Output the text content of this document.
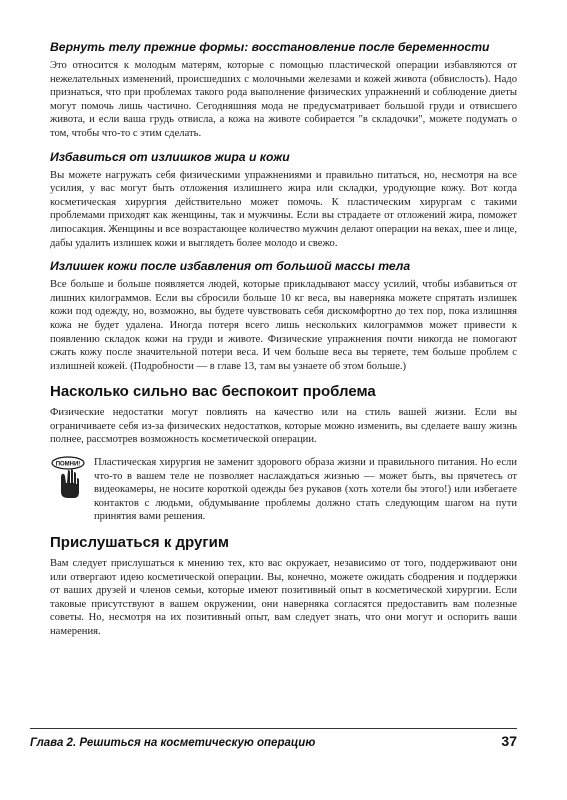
Вернуть телу прежние формы: восстановление после беременности

Это относится к молодым матерям, которые с помощью пластической операции избавляются от нежелательных изменений, происшедших с молочными железами и кожей живота (обвислость). Надо признаться, что при проблемах такого рода выполнение физических упражнений и соблюдение диеты могут помочь лишь частично. Сегодняшняя мода не предусматривает большой груди и отвисшего живота, и если ваша грудь отвисла, а кожа на животе собирается "в складочки", можете подумать о том, чтобы что-то с этим сделать.

Избавиться от излишков жира и кожи

Вы можете нагружать себя физическими упражнениями и правильно питаться, но, несмотря на все усилия, у вас могут быть отложения излишнего жира или складки, уродующие кожу. Вот когда косметическая хирургия действительно может помочь. К пластическим хирургам с такими проблемами приходят как женщины, так и мужчины. Если вы страдаете от отложений жира, поможет липосакция. Женщины и все возрастающее количество мужчин делают операции на веках, шее и лице, дабы удалить излишек кожи и выглядеть более молодо и свежо.

Излишек кожи после избавления от большой массы тела

Все больше и больше появляется людей, которые прикладывают массу усилий, чтобы избавиться от лишних килограммов. Если вы сбросили больше 10 кг веса, вы наверняка можете спрятать излишек кожи под одежду, но, возможно, вы будете чувствовать себя дискомфортно до тех пор, пока излишняя кожа не будет удалена. Иногда потеря всего лишь нескольких килограммов может привести к появлению складок кожи на груди и животе. Физические упражнения почти никогда не помогают сжать кожу после значительной потери веса. И чем больше веса вы теряете, тем больше проблем с излишней кожей. (Подробности — в главе 13, там вы узнаете об этом больше.)

Насколько сильно вас беспокоит проблема

Физические недостатки могут повлиять на качество или на стиль вашей жизни. Если вы ограничиваете себя из-за физических недостатков, которые можно изменить, вы сделаете вашу жизнь полнее, рассмотрев возможность косметической операции.

ПОМНИ! Пластическая хирургия не заменит здорового образа жизни и правильного питания. Но если что-то в вашем теле не позволяет наслаждаться жизнью — может быть, вы прячетесь от видеокамеры, не носите короткой одежды без рукавов (хоть хотели бы этого!) или избегаете контактов с людьми, обдумывание проблемы должно стать следующим шагом на пути принятия вами решения.

Прислушаться к другим

Вам следует прислушаться к мнению тех, кто вас окружает, независимо от того, поддерживают они или отвергают идею косметической операции. Вы, конечно, можете ожидать сбодрения и поддержки от ваших друзей и членов семьи, которые имеют позитивный опыт в косметической хирургии. Если таковые присутствуют в вашем окружении, они наверняка согласятся предоставить вам полезные советы. Но, несмотря на их позитивный опыт, вам следует знать, что они могут и оспорить ваши намерения.

Глава 2. Решиться на косметическую операцию	37
